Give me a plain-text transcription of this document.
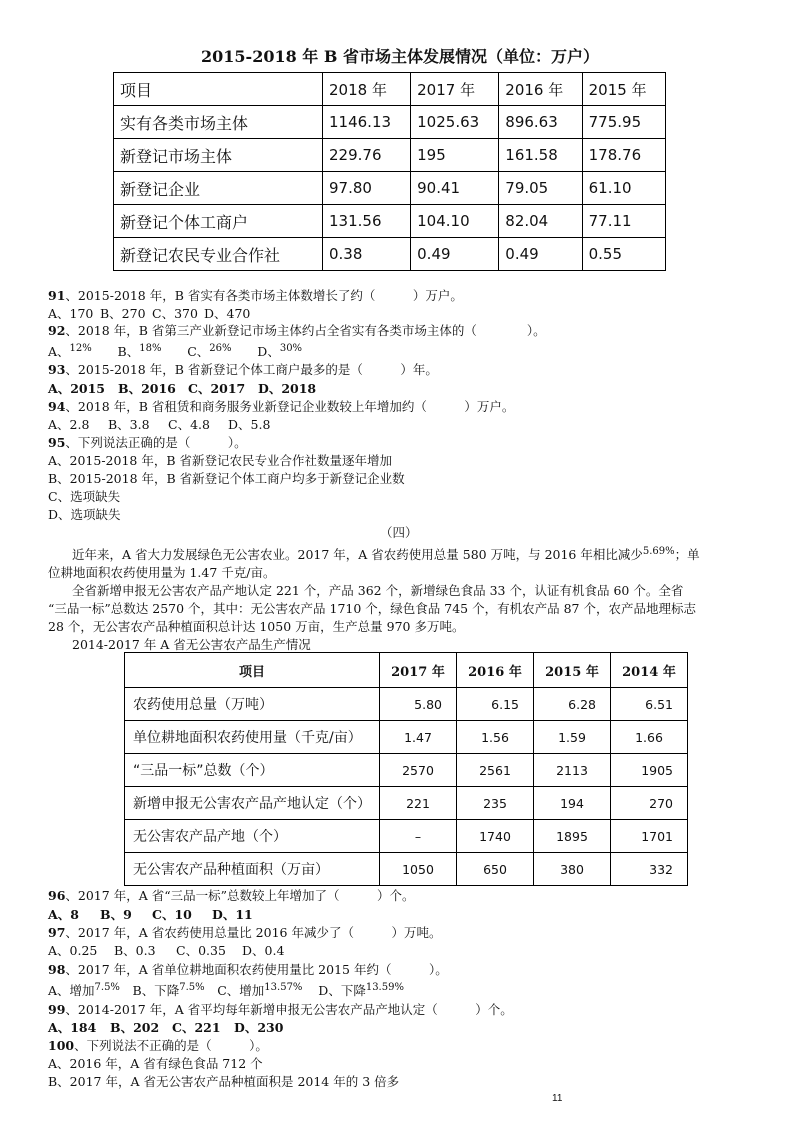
2015-2018 年 B 省市场主体发展情况（单位：万户）
项目	2018 年	2017 年	2016 年	2015 年
实有各类市场主体	1146.13	1025.63	896.63	775.95
新登记市场主体	229.76	195	161.58	178.76
新登记企业	97.80	90.41	79.05	61.10
新登记个体工商户	131.56	104.10	82.04	77.11
新登记农民专业合作社	0.38	0.49	0.49	0.55
91、2015-2018 年，B 省实有各类市场主体数增长了约（　　　）万户。
A、170 B、270 C、370 D、470
92、2018 年，B 省第三产业新登记市场主体约占全省实有各类市场主体的（　　　　）。
A、12% B、18% C、26% D、30%
93、2015-2018 年，B 省新登记个体工商户最多的是（　　　）年。
A、2015 B、2016 C、2017 D、2018
94、2018 年，B 省租赁和商务服务业新登记企业数较上年增加约（　　　）万户。
A、2.8 B、3.8 C、4.8 D、5.8
95、下列说法正确的是（　　　）。
A、2015-2018 年，B 省新登记农民专业合作社数量逐年增加
B、2015-2018 年，B 省新登记个体工商户均多于新登记企业数
C、选项缺失
D、选项缺失
（四）
近年来，A 省大力发展绿色无公害农业。2017 年，A 省农药使用总量 580 万吨，与 2016 年相比减少$^{5.69\%}$；单
位耕地面积农药使用量为 1.47 千克/亩。
全省新增申报无公害农产品产地认定 221 个，产品 362 个，新增绿色食品 33 个，认证有机食品 60 个。全省
“三品一标”总数达 2570 个，其中：无公害农产品 1710 个，绿色食品 745 个，有机农产品 87 个，农产品地理标志
28 个，无公害农产品种植面积总计达 1050 万亩，生产总量 970 多万吨。
2014-2017 年 A 省无公害农产品生产情况
项目	2017 年	2016 年	2015 年	2014 年
农药使用总量（万吨）	5.80	6.15	6.28	6.51
单位耕地面积农药使用量（千克/亩）	1.47	1.56	1.59	1.66
“三品一标”总数（个）	2570	2561	2113	1905
新增申报无公害农产品产地认定（个）	221	235	194	270
无公害农产品产地（个）	–	1740	1895	1701
无公害农产品种植面积（万亩）	1050	650	380	332
96、2017 年，A 省“三品一标”总数较上年增加了（　　　）个。
A、8 B、9 C、10 D、11
97、2017 年，A 省农药使用总量比 2016 年减少了（　　　）万吨。
A、0.25 B、0.3 C、0.35 D、0.4
98、2017 年，A 省单位耕地面积农药使用量比 2015 年约（　　　）。
A、增加7.5% B、下降7.5% C、增加13.57% D、下降13.59%
99、2014-2017 年，A 省平均每年新增申报无公害农产品产地认定（　　　）个。
A、184 B、202 C、221 D、230
100、下列说法不正确的是（　　　）。
A、2016 年，A 省有绿色食品 712 个
B、2017 年，A 省无公害农产品种植面积是 2014 年的 3 倍多
11
